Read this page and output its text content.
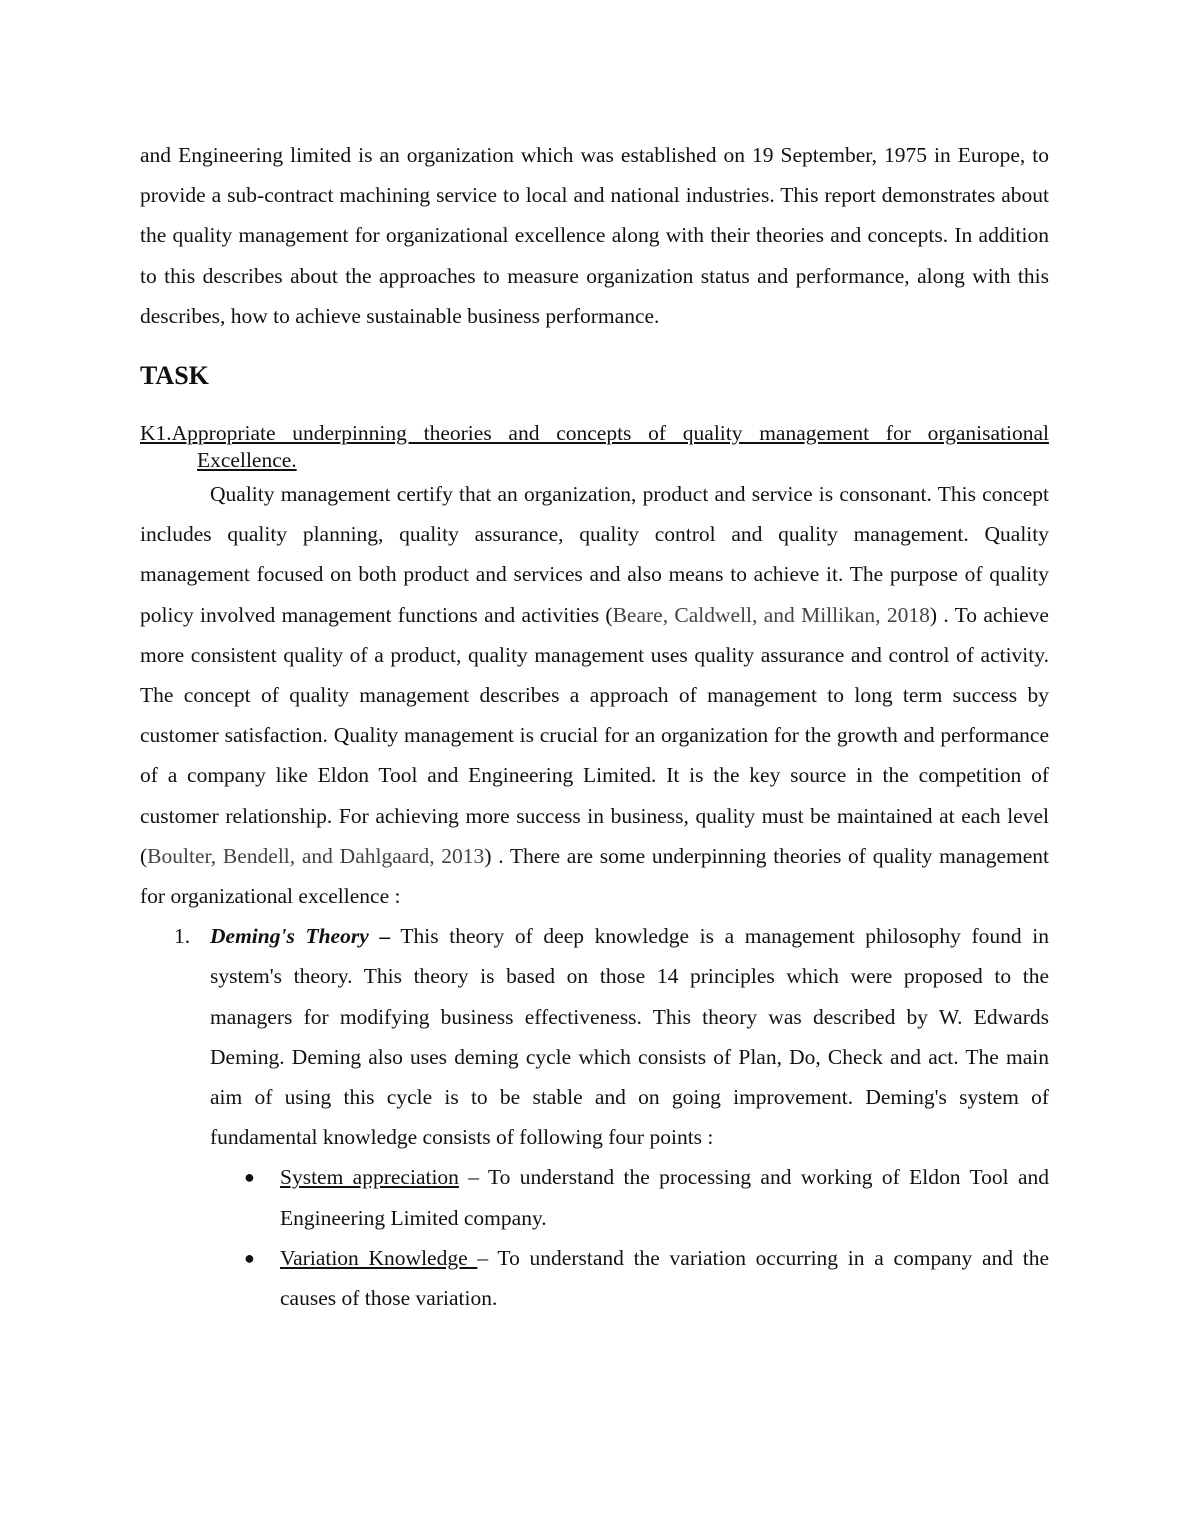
and Engineering limited is an organization which was established on 19 September, 1975 in Europe, to provide a sub-contract machining service to local and national industries. This report demonstrates about the quality management for organizational excellence along with their theories and concepts. In addition to this describes about the approaches to measure organization status and performance, along with this describes, how to achieve sustainable business performance.

TASK

K1.Appropriate underpinning theories and concepts of quality management for organisational Excellence.

Quality management certify that an organization, product and service is consonant. This concept includes quality planning, quality assurance, quality control and quality management. Quality management focused on both product and services and also means to achieve it. The purpose of quality policy involved management functions and activities (Beare, Caldwell, and Millikan, 2018) . To achieve more consistent quality of a product, quality management uses quality assurance and control of activity. The concept of quality management describes a approach of management to long term success by customer satisfaction. Quality management is crucial for an organization for the growth and performance of a company like Eldon Tool and Engineering Limited. It is the key source in the competition of customer relationship. For achieving more success in business, quality must be maintained at each level (Boulter, Bendell, and Dahlgaard, 2013) . There are some underpinning theories of quality management for organizational excellence :

1. Deming's Theory – This theory of deep knowledge is a management philosophy found in system's theory. This theory is based on those 14 principles which were proposed to the managers for modifying business effectiveness. This theory was described by W. Edwards Deming. Deming also uses deming cycle which consists of Plan, Do, Check and act. The main aim of using this cycle is to be stable and on going improvement. Deming's system of fundamental knowledge consists of following four points :

● System appreciation – To understand the processing and working of Eldon Tool and Engineering Limited company.
● Variation Knowledge – To understand the variation occurring in a company and the causes of those variation.
